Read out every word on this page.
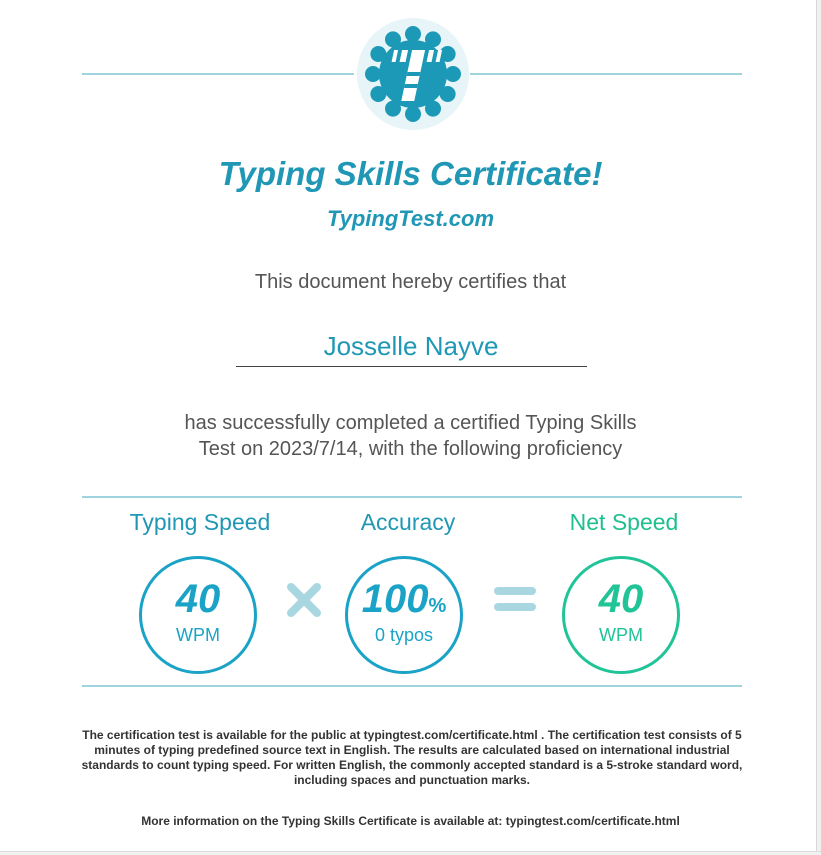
Typing Skills Certificate!
TypingTest.com
This document hereby certifies that
Josselle Nayve
has successfully completed a certified Typing Skills
Test on 2023/7/14, with the following proficiency
Typing Speed	Accuracy	Net Speed
40
WPM
100%
0 typos
40
WPM
The certification test is available for the public at typingtest.com/certificate.html . The certification test consists of 5 minutes of typing predefined source text in English. The results are calculated based on international industrial standards to count typing speed. For written English, the commonly accepted standard is a 5-stroke standard word, including spaces and punctuation marks.
More information on the Typing Skills Certificate is available at: typingtest.com/certificate.html
